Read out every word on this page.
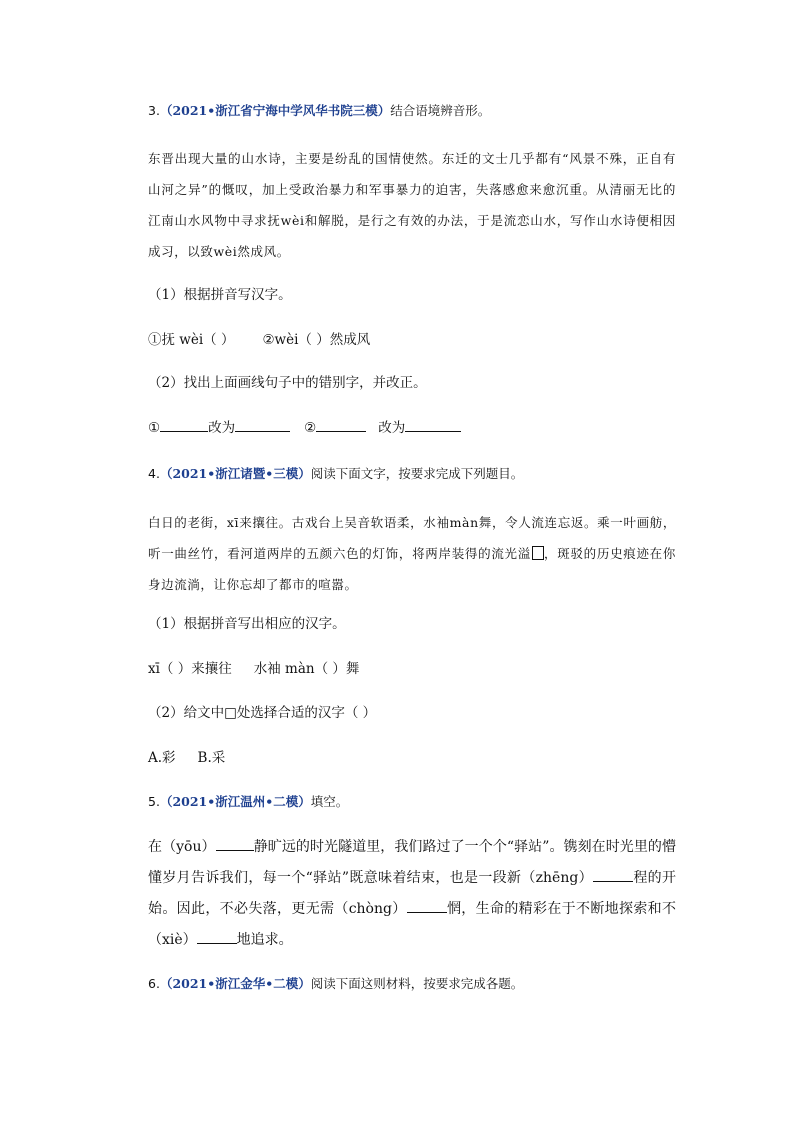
3.（2021•浙江省宁海中学风华书院三模）结合语境辨音形。
东晋出现大量的山水诗，主要是纷乱的国情使然。东迁的文士几乎都有“风景不殊，正自有山河之异”的慨叹，加上受政治暴力和军事暴力的迫害，失落感愈来愈沉重。从清丽无比的江南山水风物中寻求抚wèi和解脱，是行之有效的办法，于是流恋山水，写作山水诗便相因成习，以致wèi然成风。
（1）根据拼音写汉字。
①抚 wèi（ ） ②wèi（ ）然成风
（2）找出上面画线句子中的错别字，并改正。
①	改为	②	改为
4.（2021•浙江诸暨•三模）阅读下面文字，按要求完成下列题目。
白日的老街，xī来攘往。古戏台上吴音软语柔，水袖màn舞，令人流连忘返。乘一叶画舫，听一曲丝竹，看河道两岸的五颜六色的灯饰，将两岸装得的流光溢 ，斑驳的历史痕迹在你身边流淌，让你忘却了都市的喧嚣。
（1）根据拼音写出相应的汉字。
xī（ ）来攘往 水袖 màn（ ）舞
（2）给文中□处选择合适的汉字（ ）
A.彩 B.采
5.（2021•浙江温州•二模）填空。
在（yōu）	静旷远的时光隧道里，我们路过了一个个“驿站”。镌刻在时光里的懵懂岁月告诉我们，每一个“驿站”既意味着结束，也是一段新（zhēng）	程的开始。因此，不必失落，更无需（chòng）	惘，生命的精彩在于不断地探索和不（xiè）	地追求。
6.（2021•浙江金华•二模）阅读下面这则材料，按要求完成各题。
